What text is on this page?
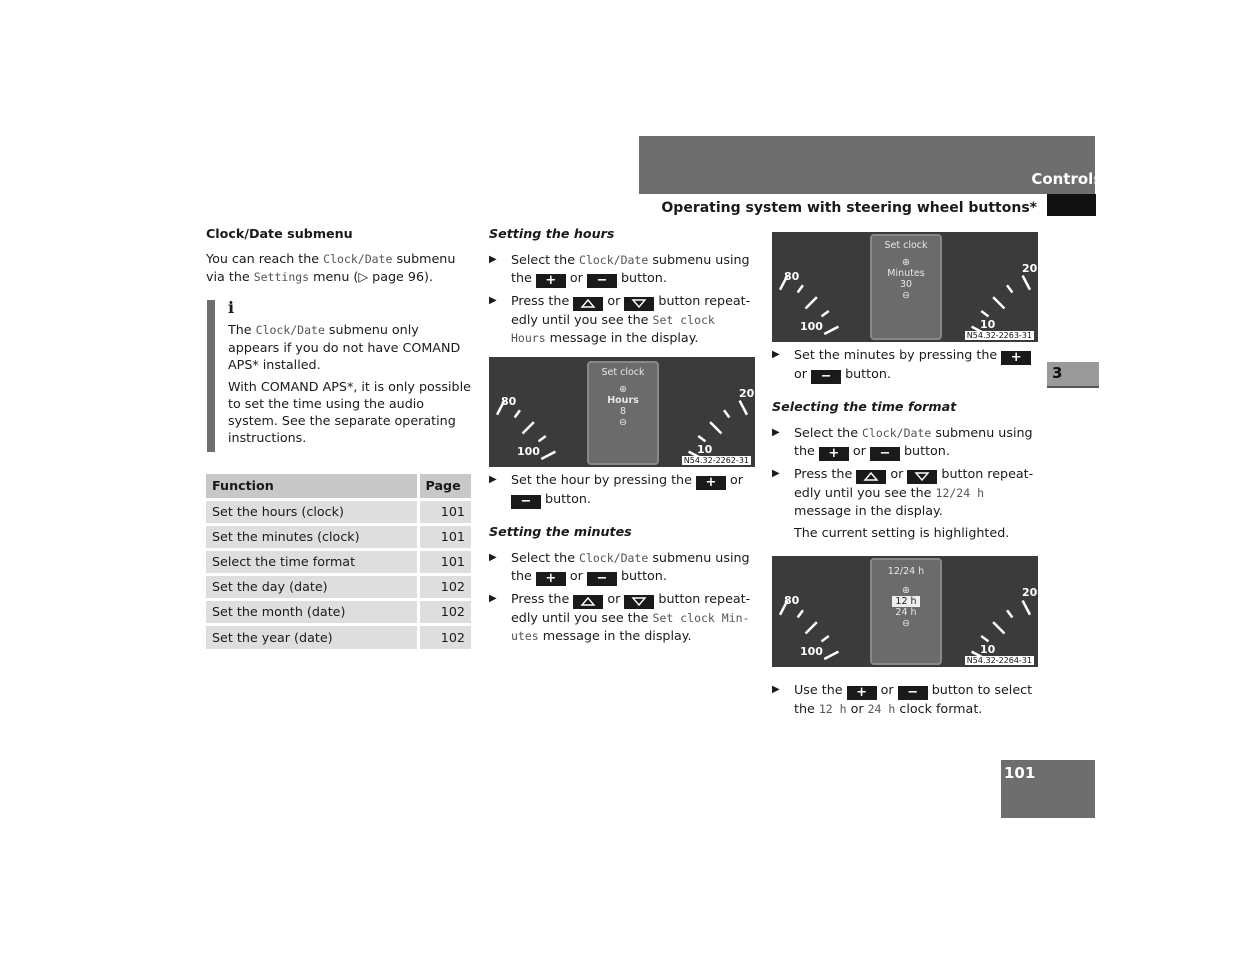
Controls in detail
Operating system with steering wheel buttons*
3
101
Clock/Date submenu
You can reach the Clock/Date submenu via the Settings menu (▷ page 96).
i
The Clock/Date submenu only appears if you do not have COMAND APS* installed.
With COMAND APS*, it is only possible to set the time using the audio system. See the separate operating instructions.
Function	Page
Set the hours (clock)	101
Set the minutes (clock)	101
Select the time format	101
Set the day (date)	102
Set the month (date)	102
Set the year (date)	102
Setting the hours
▶ Select the Clock/Date submenu using the + or − button.
▶ Press the	or	button repeatedly until you see the Set clock Hours message in the display.
Set clock
⊕
Hours
8
⊖
N54.32-2262-31
80
100	10
20
▶ Set the hour by pressing the + or
− button.
Setting the minutes
▶ Select the Clock/Date submenu using the + or − button.
▶ Press the	or	button repeatedly until you see the Set clock Minutes message in the display.
Set clock
⊕
Minutes
30
⊖
N54.32-2263-31
80
100	10
20
▶ Set the minutes by pressing the +
or − button.
Selecting the time format
▶ Select the Clock/Date submenu using the + or − button.
▶ Press the	or	button repeatedly until you see the 12/24 h message in the display.
The current setting is highlighted.
12/24 h
⊕
12 h
24 h
⊖
N54.32-2264-31
80
100	10
20
▶ Use the + or − button to select the 12 h or 24 h clock format.
